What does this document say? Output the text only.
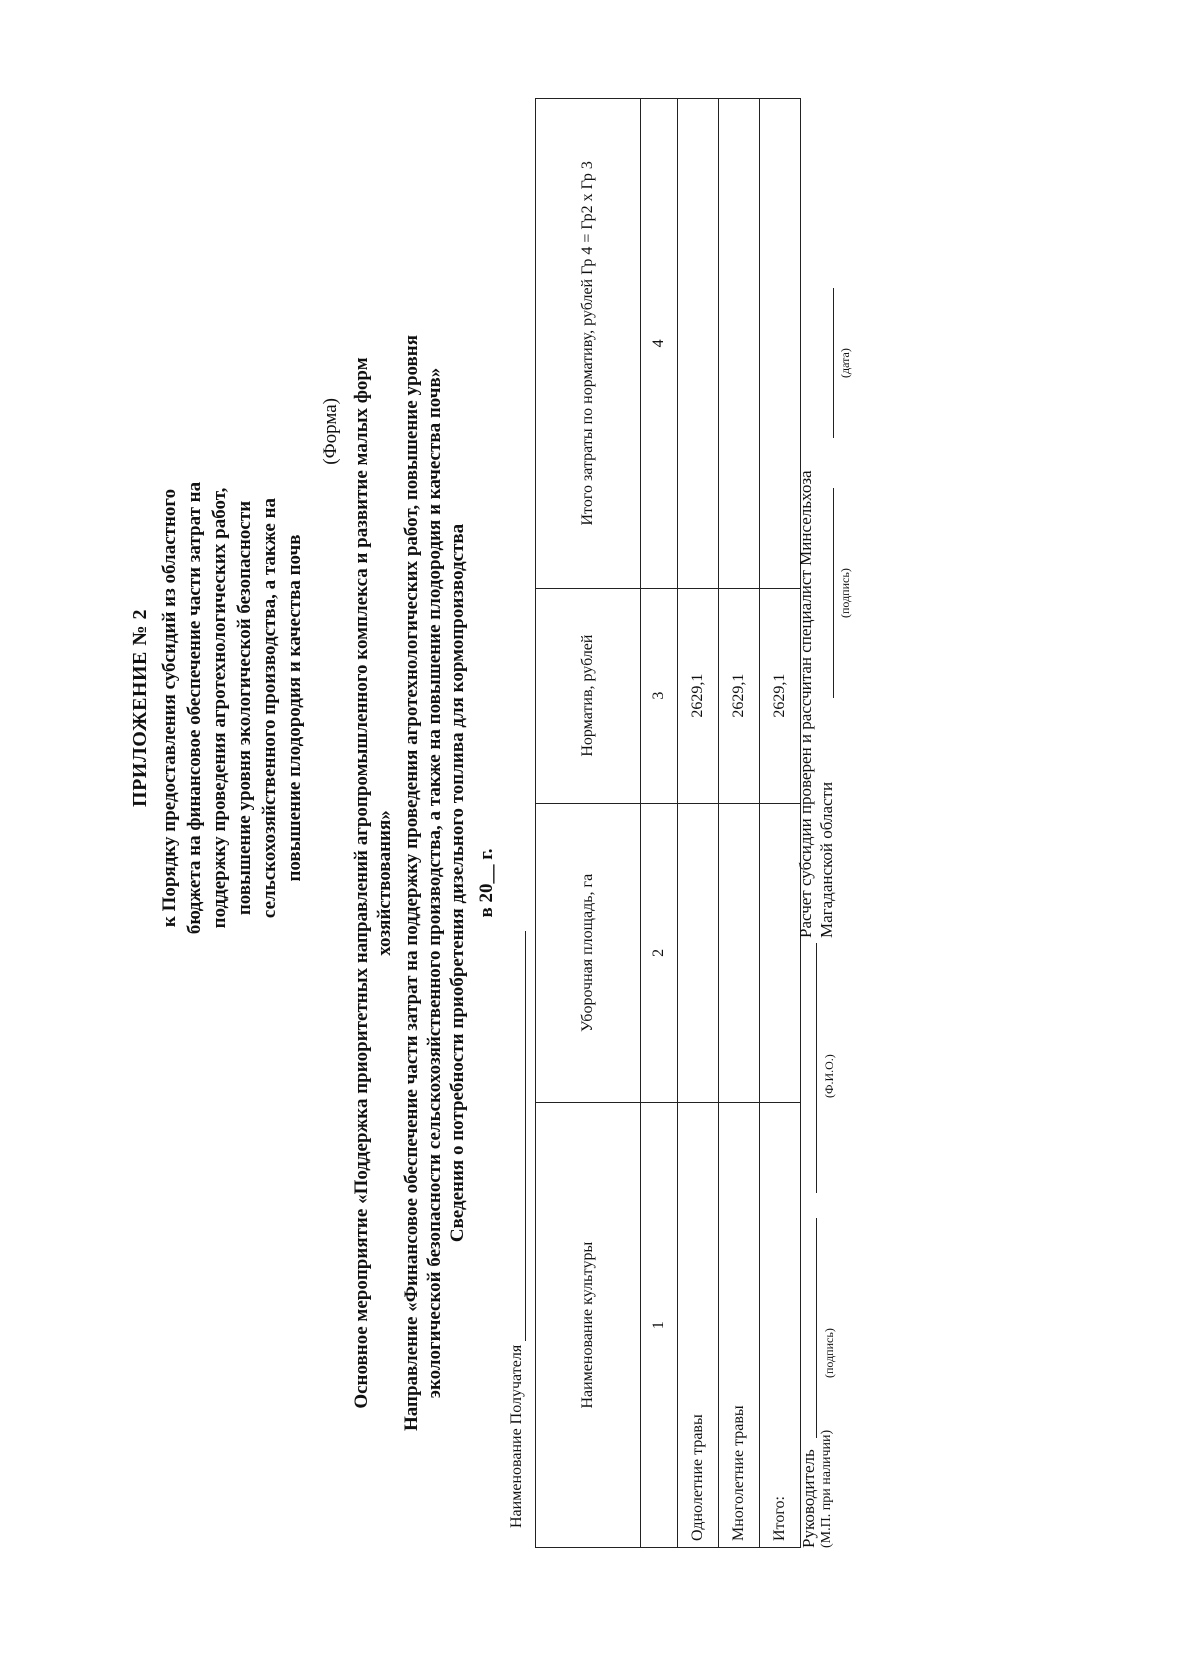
ПРИЛОЖЕНИЕ № 2 к Порядку предоставления субсидий из областного бюджета на финансовое обеспечение части затрат на поддержку проведения агротехнологических работ, повышение уровня экологической безопасности сельскохозяйственного производства, а также на повышение плодородия и качества почв
(Форма) Основное мероприятие «Поддержка приоритетных направлений агропромышленного комплекса и развитие малых форм хозяйствования» Направление «Финансовое обеспечение части затрат на поддержку проведения агротехнологических работ, повышение уровня экологической безопасности сельскохозяйственного производства, а также на повышение плодородия и качества почв» Сведения о потребности приобретения дизельного топлива для кормопроизводства в 20__ г.
Наименование Получателя
Наименование культуры	Уборочная площадь, га	Норматив, рублей	Итого затраты по нормативу, рублей Гр 4 = Гр2 х Гр 3
1	2	3	4
Однолетние травы		2629,1	
Многолетние травы		2629,1	
Итого:		2629,1	
Руководитель (М.П. при наличии)
(подпись)
(Ф.И.О.)
Расчет субсидии проверен и рассчитан специалист Минсельхоза Магаданской области
(подпись)
(дата)
